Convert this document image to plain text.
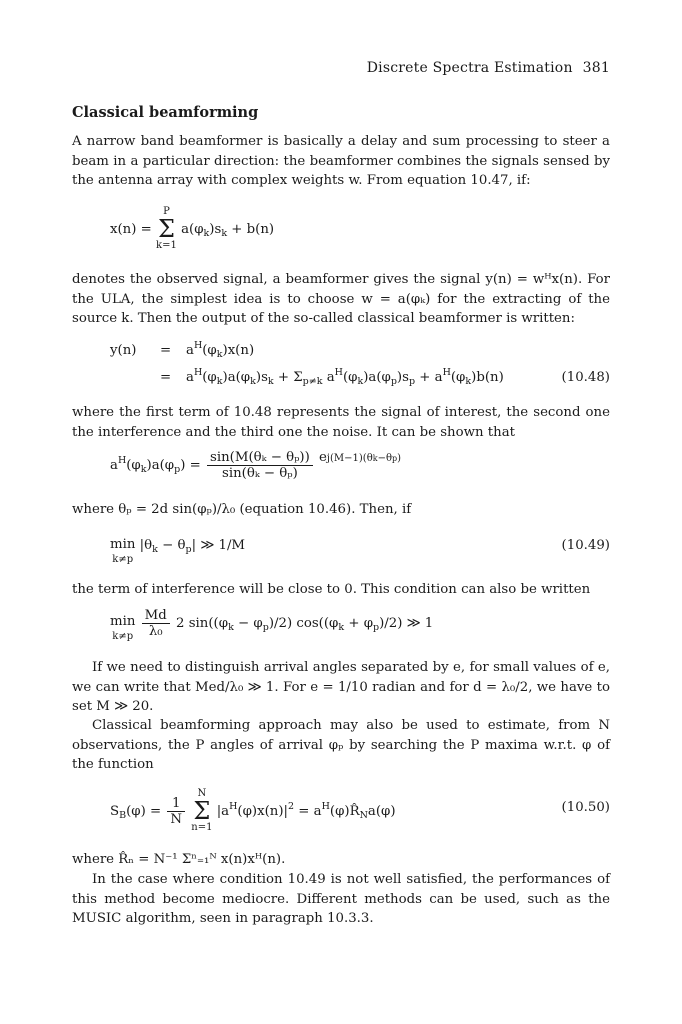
Discrete Spectra Estimation 381
Classical beamforming
A narrow band beamformer is basically a delay and sum processing to steer a beam in a particular direction: the beamformer combines the signals sensed by the antenna array with complex weights w. From equation 10.47, if:
x(n) = P
Σ
k=1 $a(\varphi_k)s_k + b(n)$
denotes the observed signal, a beamformer gives the signal y(n) = wᴴx(n). For the ULA, the simplest idea is to choose w = a(φₖ) for the extracting of the source k. Then the output of the so-called classical beamformer is written:
$y(n) = a^H(\varphi_k)x(n)$
= $a^H(\varphi_k)a(\varphi_k)s_k + \Sigma_{p\ne k}$ $a^H(\varphi_k)a(\varphi_p)s_p + a^H(\varphi_k)b(n)$	(10.48)
where the first term of 10.48 represents the signal of interest, the second one the interference and the third one the noise. It can be shown that
$a^H(\varphi_k)a(\varphi_p) = \frac{\text{sin(M(θₖ − θₚ))}}{\text{sin(θₖ − θₚ)}} ej(M-1)(\theta k-\theta p)$
where θₚ = 2d sin(φₚ)/λ₀ (equation 10.46). Then, if
min
k≠p $|\theta_k - \theta_p|$ ≫ 1/M	(10.49)
the term of interference will be close to 0. This condition can also be written
min
$k\ne p \frac{Md}{\text{λ₀}} 2$ $\sin((\varphi_k - \varphi_p)/2) \cos((\varphi_k + \varphi_p)/2)$ ≫ 1
If we need to distinguish arrival angles separated by e, for small values of e, we can write that Med/λ₀ ≫ 1. For e = 1/10 radian and for d = λ₀/2, we have to set M ≫ 20.
Classical beamforming approach may also be used to estimate, from N observations, the P angles of arrival φₚ by searching the P maxima w.r.t. φ of the function
$S_B(\varphi) = \frac{1}{N}$
N
Σ
n=1 $|a^H(\varphi)x(n)|^2$ = $a^H(\varphi)R̂_Na(\varphi)$	(10.50)
where R̂ₙ = N⁻¹ Σⁿ₌₁ᴺ x(n)xᴴ(n).
In the case where condition 10.49 is not well satisfied, the performances of this method become mediocre. Different methods can be used, such as the MUSIC algorithm, seen in paragraph 10.3.3.
